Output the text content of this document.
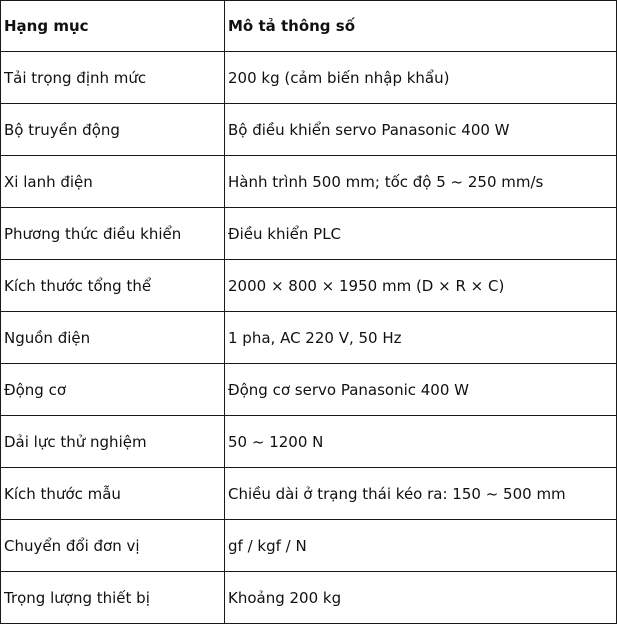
Hạng mục	Mô tả thông số
Tải trọng định mức	200 kg (cảm biến nhập khẩu)
Bộ truyền động	Bộ điều khiển servo Panasonic 400 W
Xi lanh điện	Hành trình 500 mm; tốc độ 5 ~ 250 mm/s
Phương thức điều khiển	Điều khiển PLC
Kích thước tổng thể	2000 × 800 × 1950 mm (D × R × C)
Nguồn điện	1 pha, AC 220 V, 50 Hz
Động cơ	Động cơ servo Panasonic 400 W
Dải lực thử nghiệm	50 ~ 1200 N
Kích thước mẫu	Chiều dài ở trạng thái kéo ra: 150 ~ 500 mm
Chuyển đổi đơn vị	gf / kgf / N
Trọng lượng thiết bị	Khoảng 200 kg
